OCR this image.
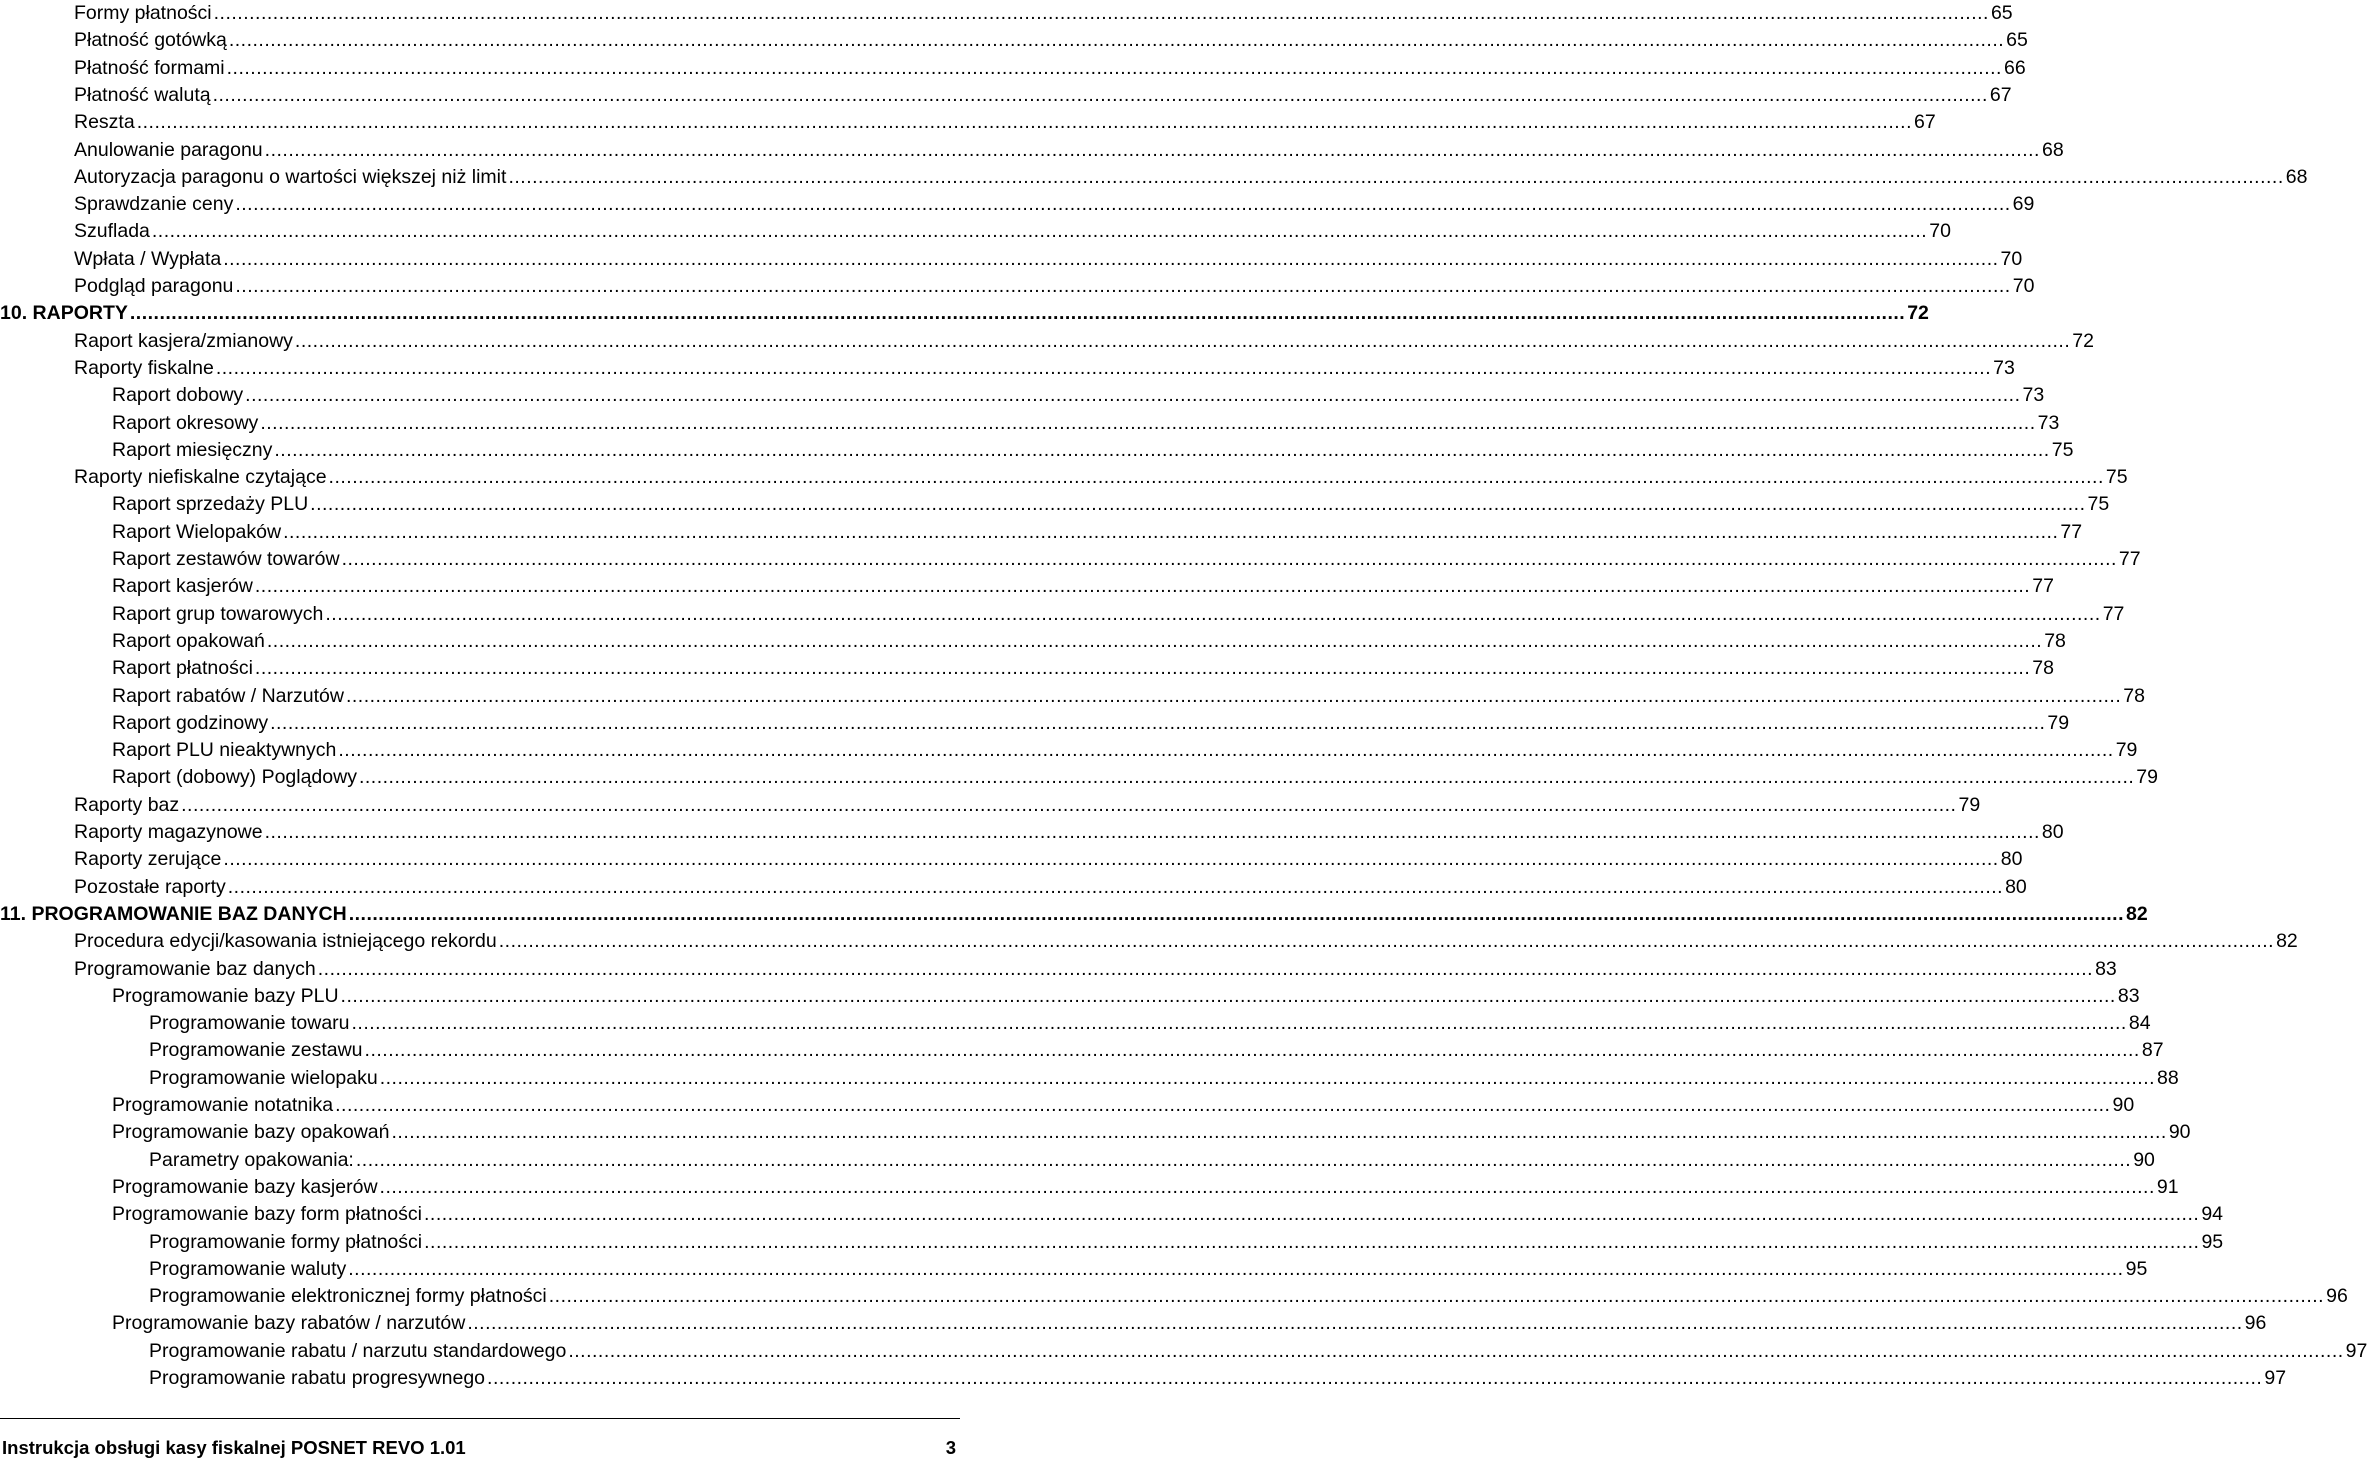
Formy płatności ............................................................................................................................................................................................................................................................................................................ 65
Płatność gotówką ............................................................................................................................................................................................................................................................................................................ 65
Płatność formami ............................................................................................................................................................................................................................................................................................................ 66
Płatność walutą ............................................................................................................................................................................................................................................................................................................ 67
Reszta ............................................................................................................................................................................................................................................................................................................ 67
Anulowanie paragonu ............................................................................................................................................................................................................................................................................................................ 68
Autoryzacja paragonu o wartości większej niż limit ............................................................................................................................................................................................................................................................................................................ 68
Sprawdzanie ceny ............................................................................................................................................................................................................................................................................................................ 69
Szuflada ............................................................................................................................................................................................................................................................................................................ 70
Wpłata / Wypłata ............................................................................................................................................................................................................................................................................................................ 70
Podgląd paragonu ............................................................................................................................................................................................................................................................................................................ 70
10. RAPORTY ............................................................................................................................................................................................................................................................................................................ 72
Raport kasjera/zmianowy ............................................................................................................................................................................................................................................................................................................ 72
Raporty fiskalne ............................................................................................................................................................................................................................................................................................................ 73
Raport dobowy ............................................................................................................................................................................................................................................................................................................ 73
Raport okresowy ............................................................................................................................................................................................................................................................................................................ 73
Raport miesięczny ............................................................................................................................................................................................................................................................................................................ 75
Raporty niefiskalne czytające ............................................................................................................................................................................................................................................................................................................ 75
Raport sprzedaży PLU ............................................................................................................................................................................................................................................................................................................ 75
Raport Wielopaków ............................................................................................................................................................................................................................................................................................................ 77
Raport zestawów towarów ............................................................................................................................................................................................................................................................................................................ 77
Raport kasjerów ............................................................................................................................................................................................................................................................................................................ 77
Raport grup towarowych ............................................................................................................................................................................................................................................................................................................ 77
Raport opakowań ............................................................................................................................................................................................................................................................................................................ 78
Raport płatności ............................................................................................................................................................................................................................................................................................................ 78
Raport rabatów / Narzutów ............................................................................................................................................................................................................................................................................................................ 78
Raport godzinowy ............................................................................................................................................................................................................................................................................................................ 79
Raport PLU nieaktywnych ............................................................................................................................................................................................................................................................................................................ 79
Raport (dobowy) Poglądowy ............................................................................................................................................................................................................................................................................................................ 79
Raporty baz ............................................................................................................................................................................................................................................................................................................ 79
Raporty magazynowe ............................................................................................................................................................................................................................................................................................................ 80
Raporty zerujące ............................................................................................................................................................................................................................................................................................................ 80
Pozostałe raporty ............................................................................................................................................................................................................................................................................................................ 80
11. PROGRAMOWANIE BAZ DANYCH ............................................................................................................................................................................................................................................................................................................ 82
Procedura edycji/kasowania istniejącego rekordu ............................................................................................................................................................................................................................................................................................................ 82
Programowanie baz danych ............................................................................................................................................................................................................................................................................................................ 83
Programowanie bazy PLU ............................................................................................................................................................................................................................................................................................................ 83
Programowanie towaru ............................................................................................................................................................................................................................................................................................................ 84
Programowanie zestawu ............................................................................................................................................................................................................................................................................................................ 87
Programowanie wielopaku ............................................................................................................................................................................................................................................................................................................ 88
Programowanie notatnika ............................................................................................................................................................................................................................................................................................................ 90
Programowanie bazy opakowań ............................................................................................................................................................................................................................................................................................................ 90
Parametry opakowania: ............................................................................................................................................................................................................................................................................................................ 90
Programowanie bazy kasjerów ............................................................................................................................................................................................................................................................................................................ 91
Programowanie bazy form płatności ............................................................................................................................................................................................................................................................................................................ 94
Programowanie formy płatności ............................................................................................................................................................................................................................................................................................................ 95
Programowanie waluty ............................................................................................................................................................................................................................................................................................................ 95
Programowanie elektronicznej formy płatności ............................................................................................................................................................................................................................................................................................................ 96
Programowanie bazy rabatów / narzutów ............................................................................................................................................................................................................................................................................................................ 96
Programowanie rabatu / narzutu standardowego ............................................................................................................................................................................................................................................................................................................ 97
Programowanie rabatu progresywnego ............................................................................................................................................................................................................................................................................................................ 97
Instrukcja obsługi kasy fiskalnej POSNET REVO 1.01	3
